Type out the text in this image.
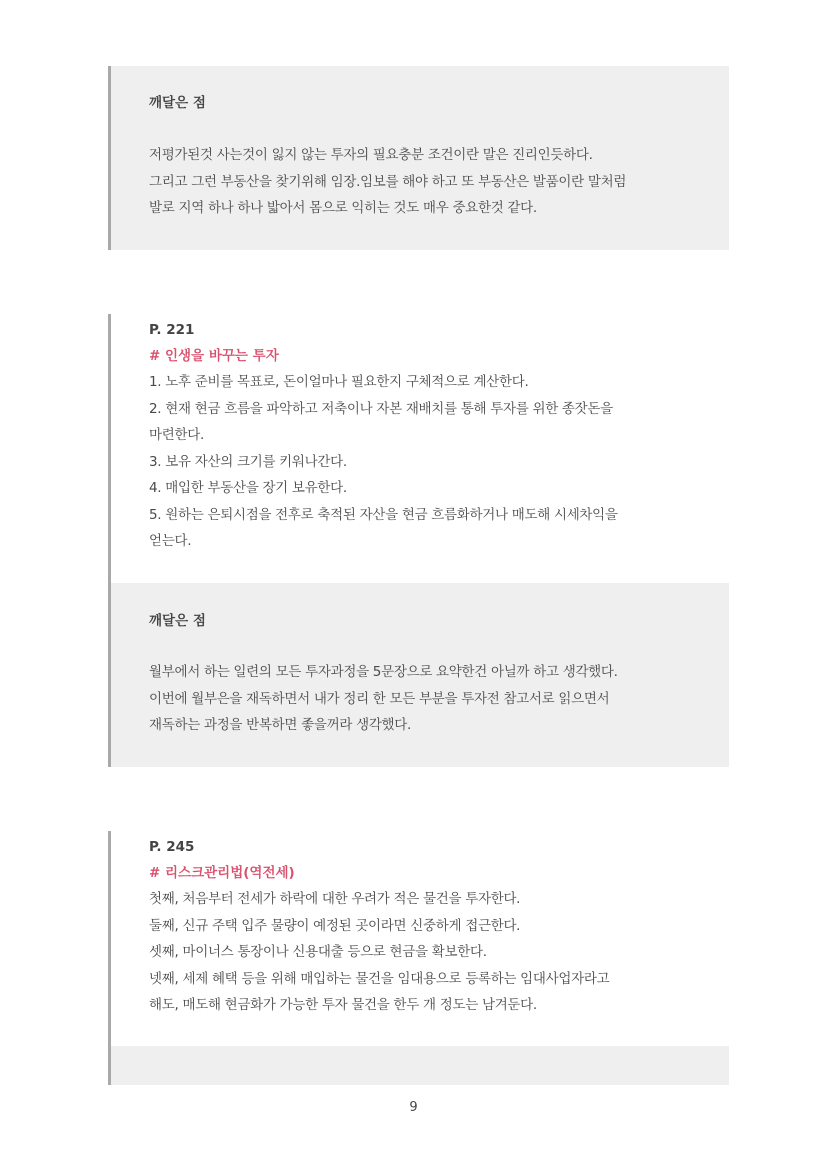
깨달은 점
저평가된것 사는것이 잃지 않는 투자의 필요충분 조건이란 말은 진리인듯하다.
그리고 그런 부동산을 찾기위해 임장.임보를 해야 하고 또 부동산은 발품이란 말처럼
발로 지역 하나 하나 밟아서 몸으로 익히는 것도 매우 중요한것 같다.
P. 221
# 인생을 바꾸는 투자
1. 노후 준비를 목표로, 돈이얼마나 필요한지 구체적으로 계산한다.
2. 현재 현금 흐름을 파악하고 저축이나 자본 재배치를 통해 투자를 위한 종잣돈을
마련한다.
3. 보유 자산의 크기를 키워나간다.
4. 매입한 부동산을 장기 보유한다.
5. 원하는 은퇴시점을 전후로 축적된 자산을 현금 흐름화하거나 매도해 시세차익을
얻는다.
깨달은 점
월부에서 하는 일련의 모든 투자과정을 5문장으로 요약한건 아닐까 하고 생각했다.
이번에 월부은을 재독하면서 내가 정리 한 모든 부분을 투자전 참고서로 읽으면서
재독하는 과정을 반복하면 좋을꺼라 생각했다.
P. 245
# 리스크관리법(역전세)
첫째, 처음부터 전세가 하락에 대한 우려가 적은 물건을 투자한다.
둘째, 신규 주택 입주 물량이 예정된 곳이라면 신중하게 접근한다.
셋째, 마이너스 통장이나 신용대출 등으로 현금을 확보한다.
넷째, 세제 혜택 등을 위해 매입하는 물건을 임대용으로 등록하는 임대사업자라고
해도, 매도해 현금화가 가능한 투자 물건을 한두 개 정도는 남겨둔다.
9
